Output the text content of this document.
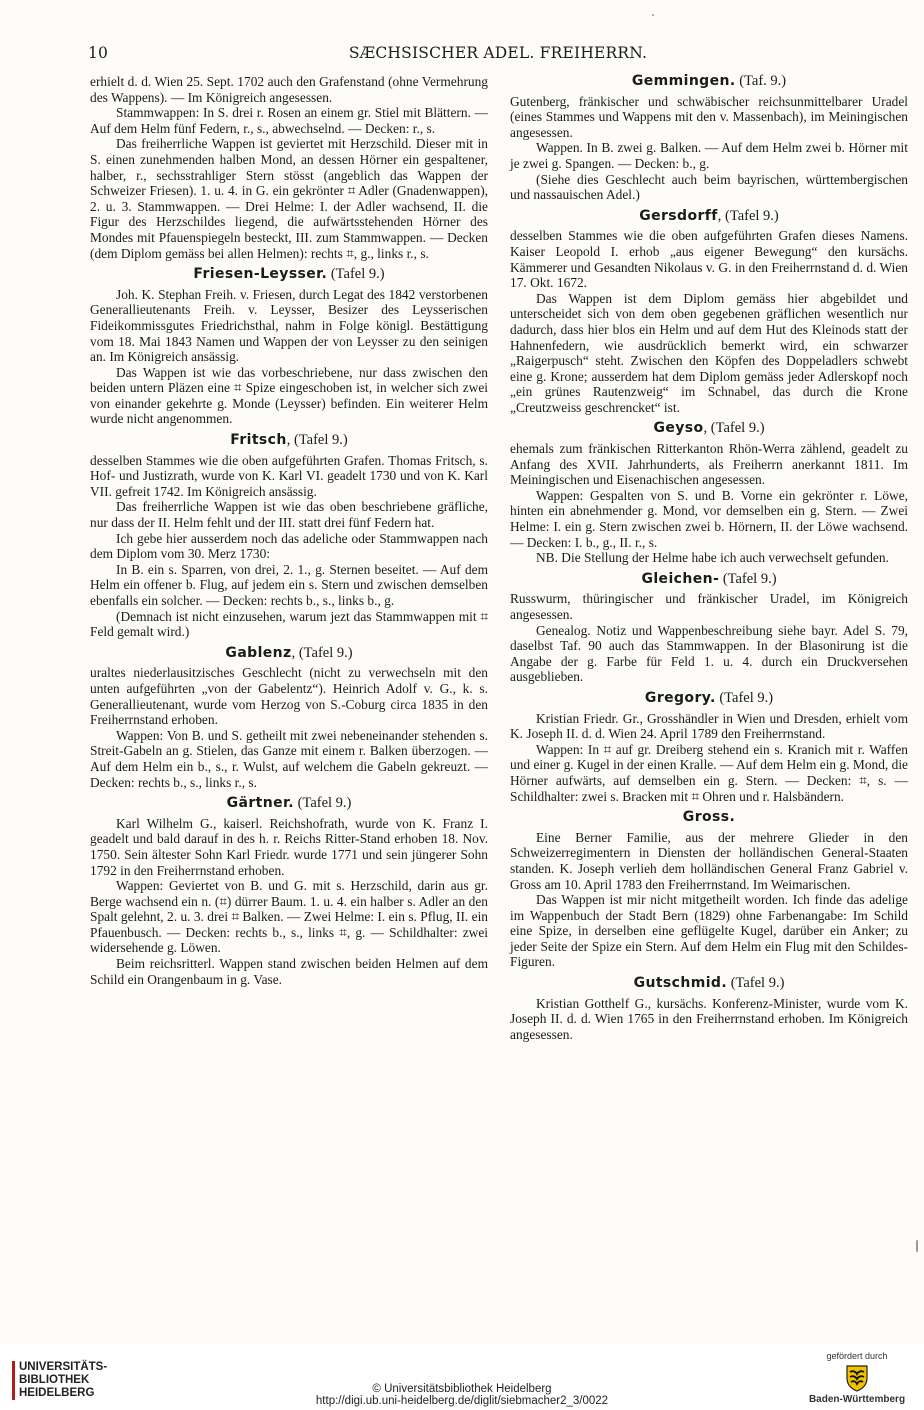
10	SÆCHSISCHER ADEL. FREIHERRN.

erhielt d. d. Wien 25. Sept. 1702 auch den Grafenstand (ohne Vermehrung des Wappens). — Im Königreich angesessen.

Stammwappen: In S. drei r. Rosen an einem gr. Stiel mit Blättern. — Auf dem Helm fünf Federn, r., s., abwechselnd. — Decken: r., s.

Das freiherrliche Wappen ist geviertet mit Herzschild. Dieser mit in S. einen zunehmenden halben Mond, an dessen Hörner ein gespaltener, halber, r., sechsstrahliger Stern stösst (angeblich das Wappen der Schweizer Friesen). 1. u. 4. in G. ein gekrönter ⌗ Adler (Gnadenwappen), 2. u. 3. Stammwappen. — Drei Helme: I. der Adler wachsend, II. die Figur des Herzschildes liegend, die aufwärtsstehenden Hörner des Mondes mit Pfauenspiegeln besteckt, III. zum Stammwappen. — Decken (dem Diplom gemäss bei allen Helmen): rechts ⌗, g., links r., s.

Friesen-Leysser. (Tafel 9.)

Joh. K. Stephan Freih. v. Friesen, durch Legat des 1842 verstorbenen Generallieutenants Freih. v. Leysser, Besizer des Leysserischen Fideikommissgutes Friedrichsthal, nahm in Folge königl. Bestättigung vom 18. Mai 1843 Namen und Wappen der von Leysser zu den seinigen an. Im Königreich ansässig.

Das Wappen ist wie das vorbeschriebene, nur dass zwischen den beiden untern Pläzen eine ⌗ Spize eingeschoben ist, in welcher sich zwei von einander gekehrte g. Monde (Leysser) befinden. Ein weiterer Helm wurde nicht angenommen.

Fritsch, (Tafel 9.)

desselben Stammes wie die oben aufgeführten Grafen. Thomas Fritsch, s. Hof- und Justizrath, wurde von K. Karl VI. geadelt 1730 und von K. Karl VII. gefreit 1742. Im Königreich ansässig.

Das freiherrliche Wappen ist wie das oben beschriebene gräfliche, nur dass der II. Helm fehlt und der III. statt drei fünf Federn hat.

Ich gebe hier ausserdem noch das adeliche oder Stammwappen nach dem Diplom vom 30. Merz 1730:

In B. ein s. Sparren, von drei, 2. 1., g. Sternen beseitet. — Auf dem Helm ein offener b. Flug, auf jedem ein s. Stern und zwischen demselben ebenfalls ein solcher. — Decken: rechts b., s., links b., g.

(Demnach ist nicht einzusehen, warum jezt das Stammwappen mit ⌗ Feld gemalt wird.)

Gablenz, (Tafel 9.)

uraltes niederlausitzisches Geschlecht (nicht zu verwechseln mit den unten aufgeführten „von der Gabelentz“). Heinrich Adolf v. G., k. s. Generallieutenant, wurde vom Herzog von S.-Coburg circa 1835 in den Freiherrnstand erhoben.

Wappen: Von B. und S. getheilt mit zwei nebeneinander stehenden s. Streit-Gabeln an g. Stielen, das Ganze mit einem r. Balken überzogen. — Auf dem Helm ein b., s., r. Wulst, auf welchem die Gabeln gekreuzt. — Decken: rechts b., s., links r., s.

Gärtner. (Tafel 9.)

Karl Wilhelm G., kaiserl. Reichshofrath, wurde von K. Franz I. geadelt und bald darauf in des h. r. Reichs Ritter-Stand erhoben 18. Nov. 1750. Sein ältester Sohn Karl Friedr. wurde 1771 und sein jüngerer Sohn 1792 in den Freiherrnstand erhoben.

Wappen: Geviertet von B. und G. mit s. Herzschild, darin aus gr. Berge wachsend ein n. (⌗) dürrer Baum. 1. u. 4. ein halber s. Adler an den Spalt gelehnt, 2. u. 3. drei ⌗ Balken. — Zwei Helme: I. ein s. Pflug, II. ein Pfauenbusch. — Decken: rechts b., s., links ⌗, g. — Schildhalter: zwei widersehende g. Löwen.

Beim reichsritterl. Wappen stand zwischen beiden Helmen auf dem Schild ein Orangenbaum in g. Vase.

Gemmingen. (Taf. 9.)

Gutenberg, fränkischer und schwäbischer reichsunmittelbarer Uradel (eines Stammes und Wappens mit den v. Massenbach), im Meiningischen angesessen.

Wappen. In B. zwei g. Balken. — Auf dem Helm zwei b. Hörner mit je zwei g. Spangen. — Decken: b., g.

(Siehe dies Geschlecht auch beim bayrischen, württembergischen und nassauischen Adel.)

Gersdorff, (Tafel 9.)

desselben Stammes wie die oben aufgeführten Grafen dieses Namens. Kaiser Leopold I. erhob „aus eigener Bewegung“ den kursächs. Kämmerer und Gesandten Nikolaus v. G. in den Freiherrnstand d. d. Wien 17. Okt. 1672.

Das Wappen ist dem Diplom gemäss hier abgebildet und unterscheidet sich von dem oben gegebenen gräflichen wesentlich nur dadurch, dass hier blos ein Helm und auf dem Hut des Kleinods statt der Hahnenfedern, wie ausdrücklich bemerkt wird, ein schwarzer „Raigerpusch“ steht. Zwischen den Köpfen des Doppeladlers schwebt eine g. Krone; ausserdem hat dem Diplom gemäss jeder Adlerskopf noch „ein grünes Rautenzweig“ im Schnabel, das durch die Krone „Creutzweiss geschrencket“ ist.

Geyso, (Tafel 9.)

ehemals zum fränkischen Ritterkanton Rhön-Werra zählend, geadelt zu Anfang des XVII. Jahrhunderts, als Freiherrn anerkannt 1811. Im Meiningischen und Eisenachischen angesessen.

Wappen: Gespalten von S. und B. Vorne ein gekrönter r. Löwe, hinten ein abnehmender g. Mond, vor demselben ein g. Stern. — Zwei Helme: I. ein g. Stern zwischen zwei b. Hörnern, II. der Löwe wachsend. — Decken: I. b., g., II. r., s.

NB. Die Stellung der Helme habe ich auch verwechselt gefunden.

Gleichen- (Tafel 9.)

Russwurm, thüringischer und fränkischer Uradel, im Königreich angesessen.

Genealog. Notiz und Wappenbeschreibung siehe bayr. Adel S. 79, daselbst Taf. 90 auch das Stammwappen. In der Blasonirung ist die Angabe der g. Farbe für Feld 1. u. 4. durch ein Druckversehen ausgeblieben.

Gregory. (Tafel 9.)

Kristian Friedr. Gr., Grosshändler in Wien und Dresden, erhielt vom K. Joseph II. d. d. Wien 24. April 1789 den Freiherrnstand.

Wappen: In ⌗ auf gr. Dreiberg stehend ein s. Kranich mit r. Waffen und einer g. Kugel in der einen Kralle. — Auf dem Helm ein g. Mond, die Hörner aufwärts, auf demselben ein g. Stern. — Decken: ⌗, s. — Schildhalter: zwei s. Bracken mit ⌗ Ohren und r. Halsbändern.

Gross.

Eine Berner Familie, aus der mehrere Glieder in den Schweizerregimentern in Diensten der holländischen General-Staaten standen. K. Joseph verlieh dem holländischen General Franz Gabriel v. Gross am 10. April 1783 den Freiherrnstand. Im Weimarischen.

Das Wappen ist mir nicht mitgetheilt worden. Ich finde das adelige im Wappenbuch der Stadt Bern (1829) ohne Farbenangabe: Im Schild eine Spize, in derselben eine geflügelte Kugel, darüber ein Anker; zu jeder Seite der Spize ein Stern. Auf dem Helm ein Flug mit den Schildes-Figuren.

Gutschmid. (Tafel 9.)

Kristian Gotthelf G., kursächs. Konferenz-Minister, wurde vom K. Joseph II. d. d. Wien 1765 in den Freiherrnstand erhoben. Im Königreich angesessen.

UNIVERSITÄTS-
BIBLIOTHEK
HEIDELBERG	© Universitätsbibliothek Heidelberg
http://digi.ub.uni-heidelberg.de/diglit/siebmacher2_3/0022
gefördert durch
Baden-Württemberg
